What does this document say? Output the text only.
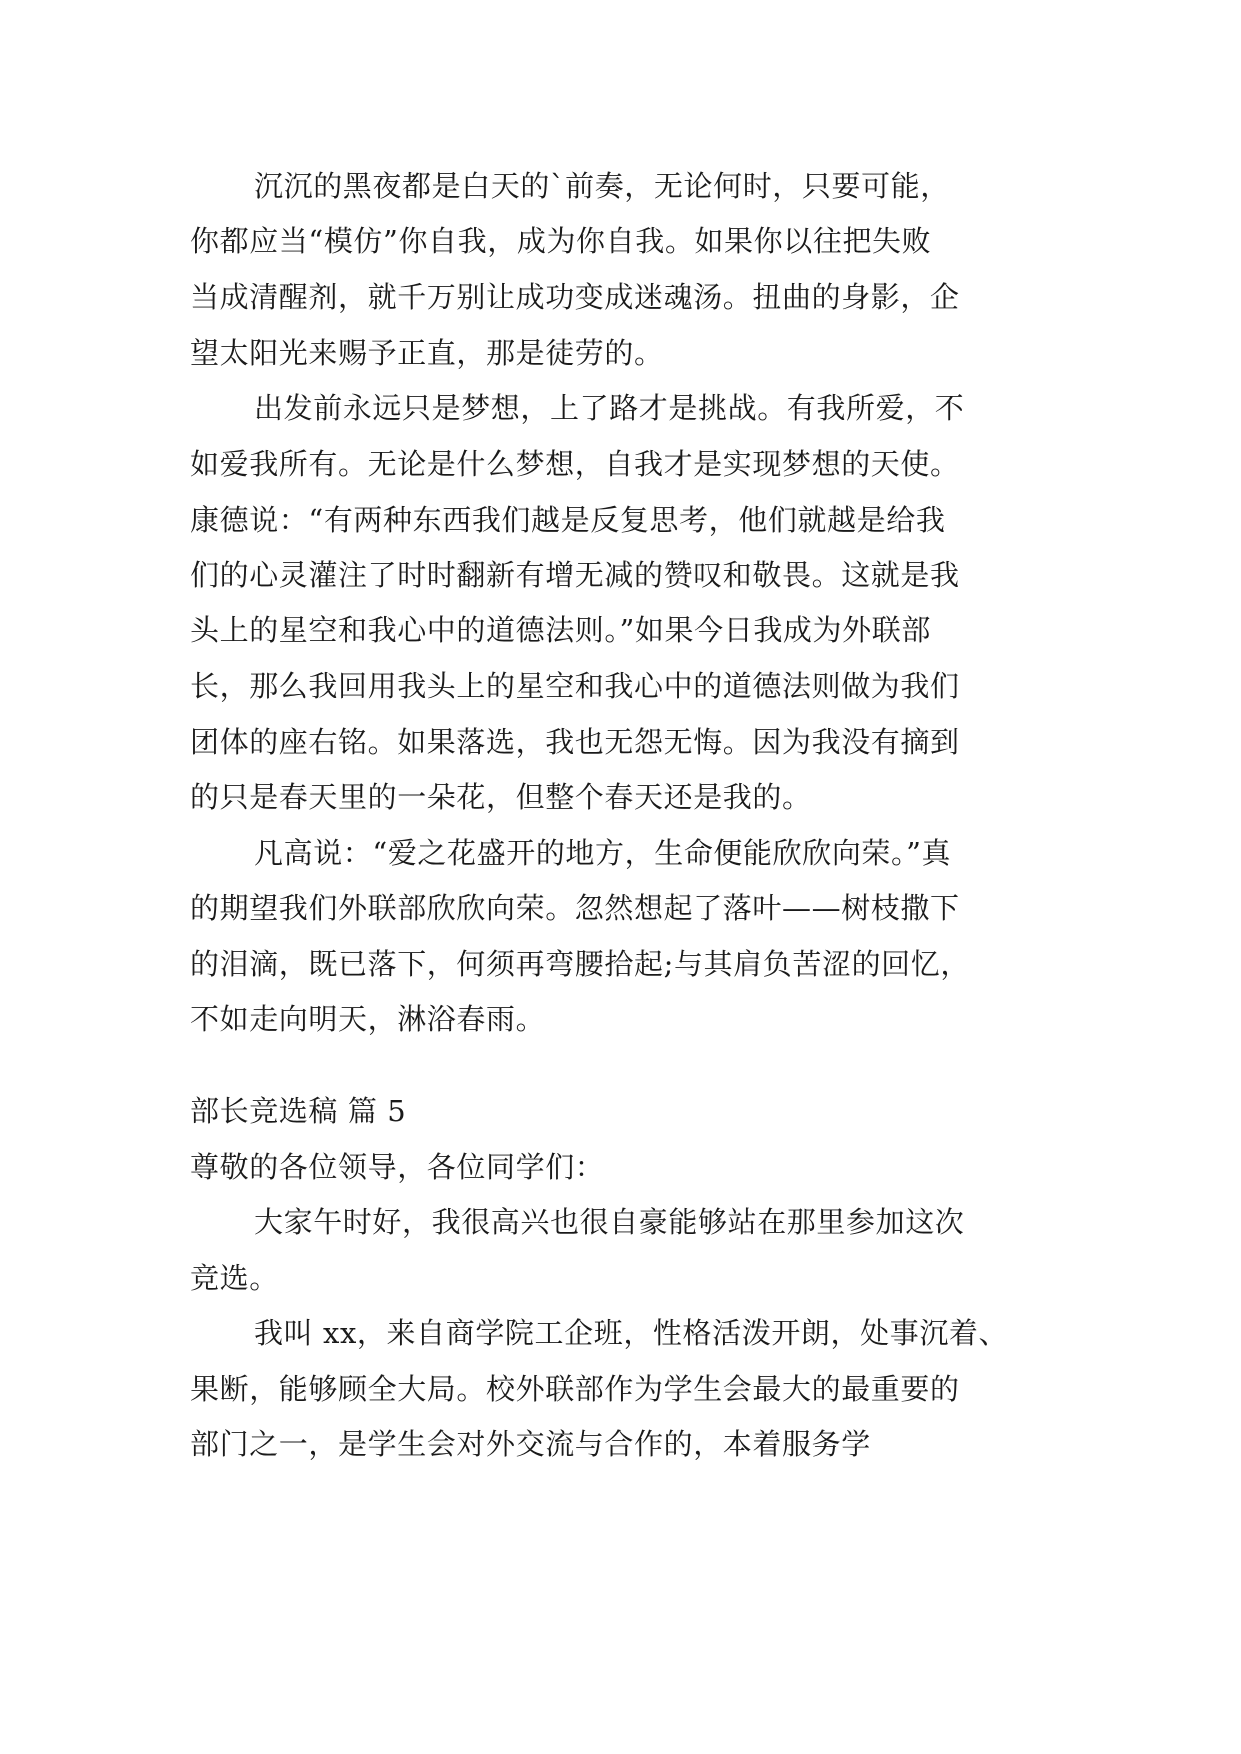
沉沉的黑夜都是白天的`前奏，无论何时，只要可能，
你都应当“模仿”你自我，成为你自我。如果你以往把失败
当成清醒剂，就千万别让成功变成迷魂汤。扭曲的身影，企
望太阳光来赐予正直，那是徒劳的。
出发前永远只是梦想，上了路才是挑战。有我所爱，不
如爱我所有。无论是什么梦想，自我才是实现梦想的天使。
康德说：“有两种东西我们越是反复思考，他们就越是给我
们的心灵灌注了时时翻新有增无减的赞叹和敬畏。这就是我
头上的星空和我心中的道德法则。”如果今日我成为外联部
长，那么我回用我头上的星空和我心中的道德法则做为我们
团体的座右铭。如果落选，我也无怨无悔。因为我没有摘到
的只是春天里的一朵花，但整个春天还是我的。
凡高说：“爱之花盛开的地方，生命便能欣欣向荣。”真
的期望我们外联部欣欣向荣。忽然想起了落叶——树枝撒下
的泪滴，既已落下，何须再弯腰拾起;与其肩负苦涩的回忆，
不如走向明天，淋浴春雨。
部长竞选稿 篇 5
尊敬的各位领导，各位同学们：
大家午时好，我很高兴也很自豪能够站在那里参加这次
竞选。
我叫 xx，来自商学院工企班，性格活泼开朗，处事沉着、
果断，能够顾全大局。校外联部作为学生会最大的最重要的
部门之一，是学生会对外交流与合作的，本着服务学
